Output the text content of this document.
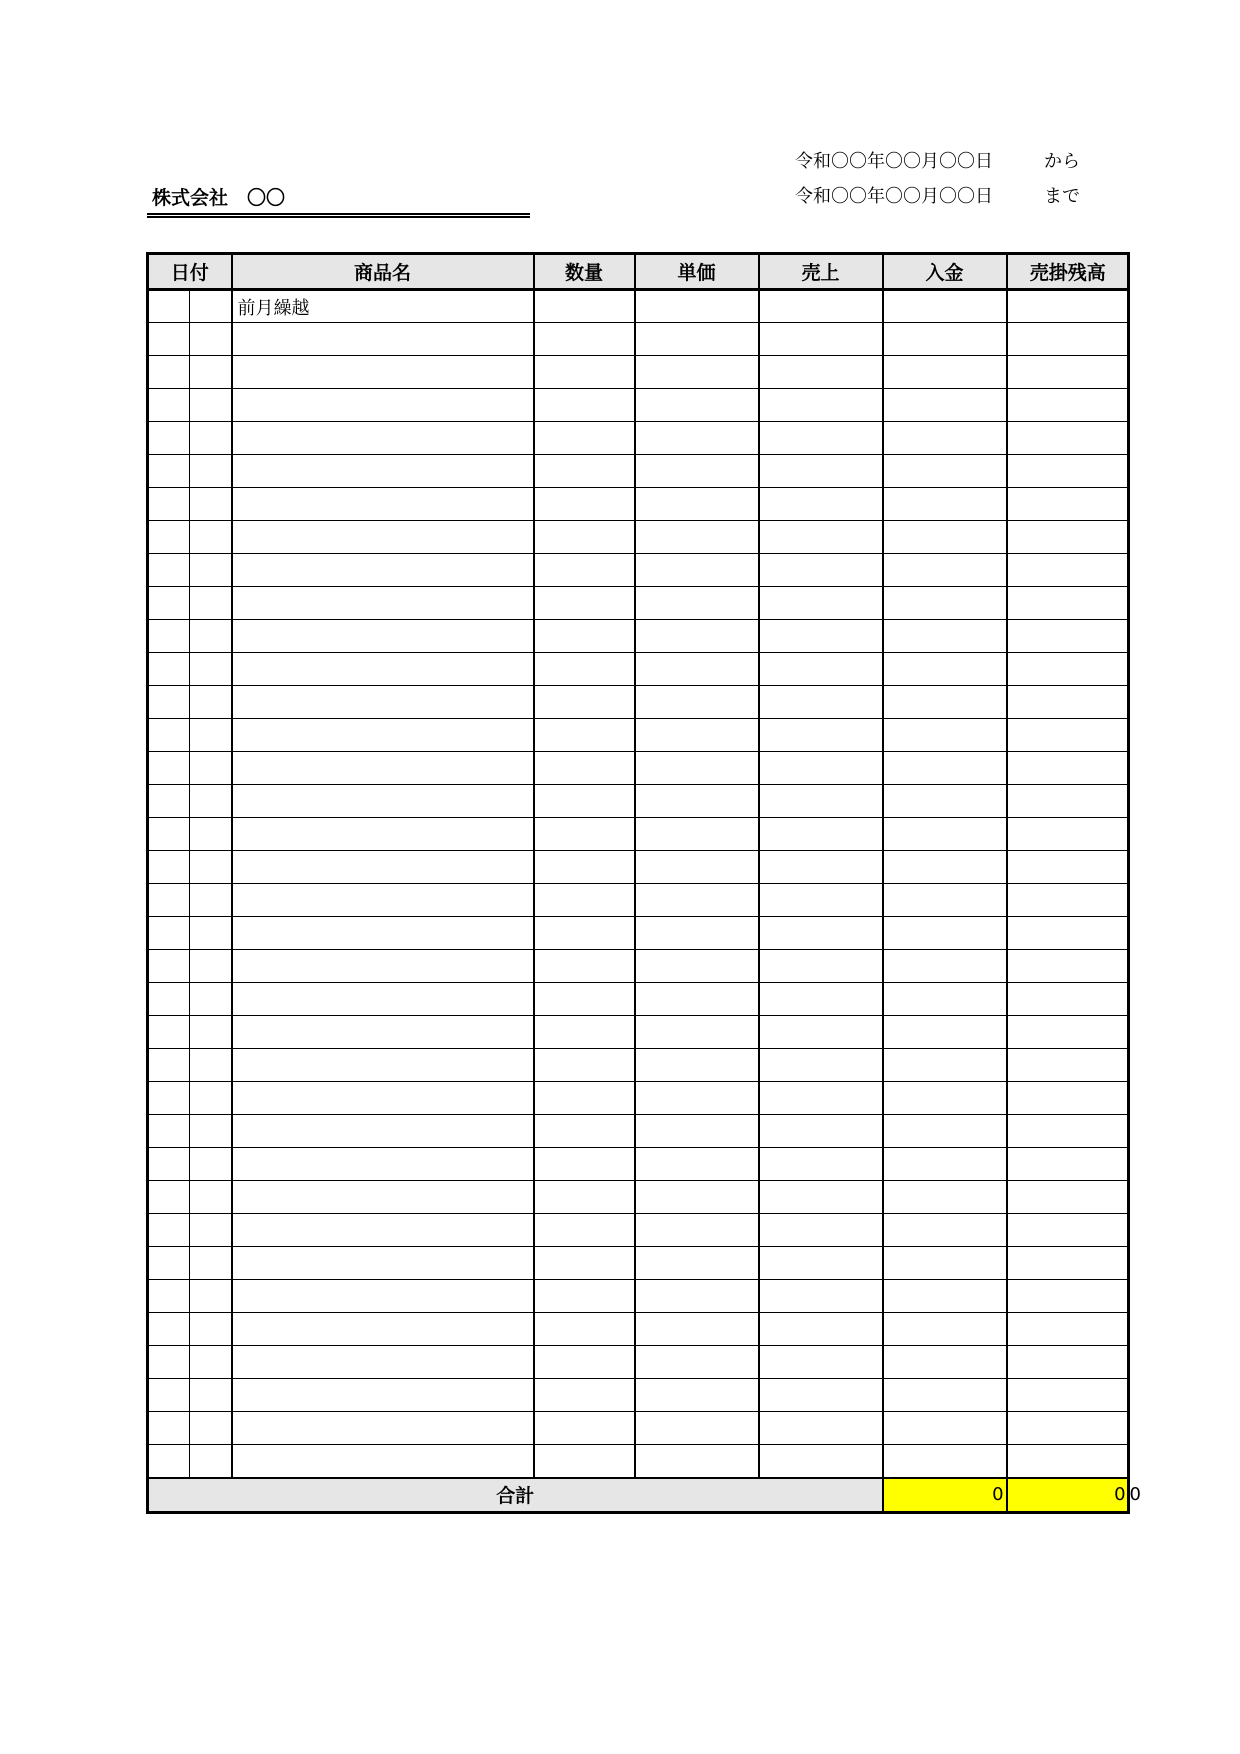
株式会社　〇〇
令和〇〇年〇〇月〇〇日	から
令和〇〇年〇〇月〇〇日	まで
日付		商品名	数量	単価	売上	入金	売掛残高	
		前月繰越						

合計						0	0	0
